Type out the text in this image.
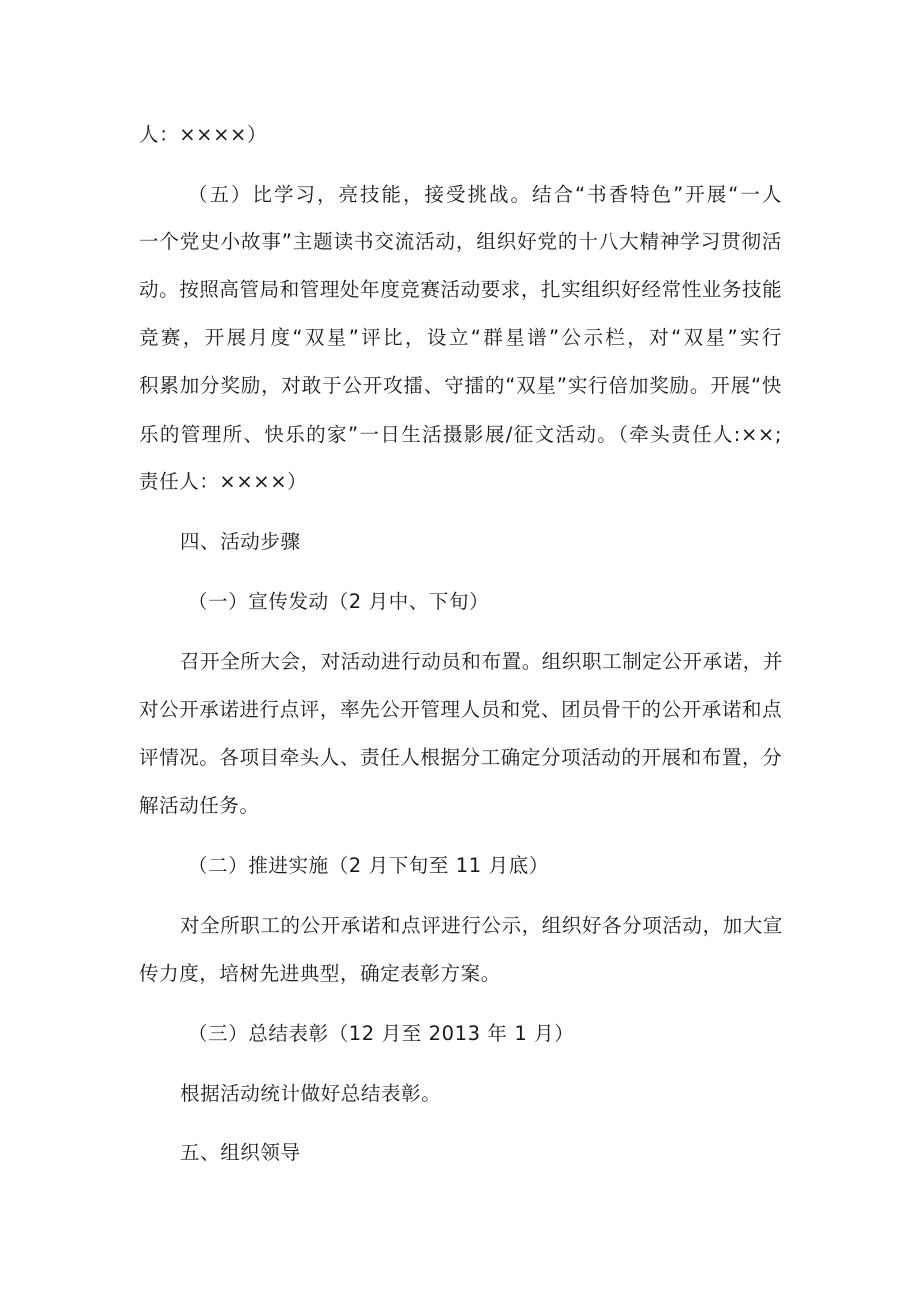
人：××××）
（五）比学习，亮技能，接受挑战。结合“书香特色”开展“一人
一个党史小故事”主题读书交流活动，组织好党的十八大精神学习贯彻活
动。按照高管局和管理处年度竞赛活动要求，扎实组织好经常性业务技能
竞赛，开展月度“双星”评比，设立“群星谱”公示栏，对“双星”实行
积累加分奖励，对敢于公开攻擂、守擂的“双星”实行倍加奖励。开展“快
乐的管理所、快乐的家”一日生活摄影展/征文活动。（牵头责任人:××;
责任人：××××）
四、活动步骤
（一）宣传发动（2 月中、下旬）
召开全所大会，对活动进行动员和布置。组织职工制定公开承诺，并
对公开承诺进行点评，率先公开管理人员和党、团员骨干的公开承诺和点
评情况。各项目牵头人、责任人根据分工确定分项活动的开展和布置，分
解活动任务。
（二）推进实施（2 月下旬至 11 月底）
对全所职工的公开承诺和点评进行公示，组织好各分项活动，加大宣
传力度，培树先进典型，确定表彰方案。
（三）总结表彰（12 月至 2013 年 1 月）
根据活动统计做好总结表彰。
五、组织领导
